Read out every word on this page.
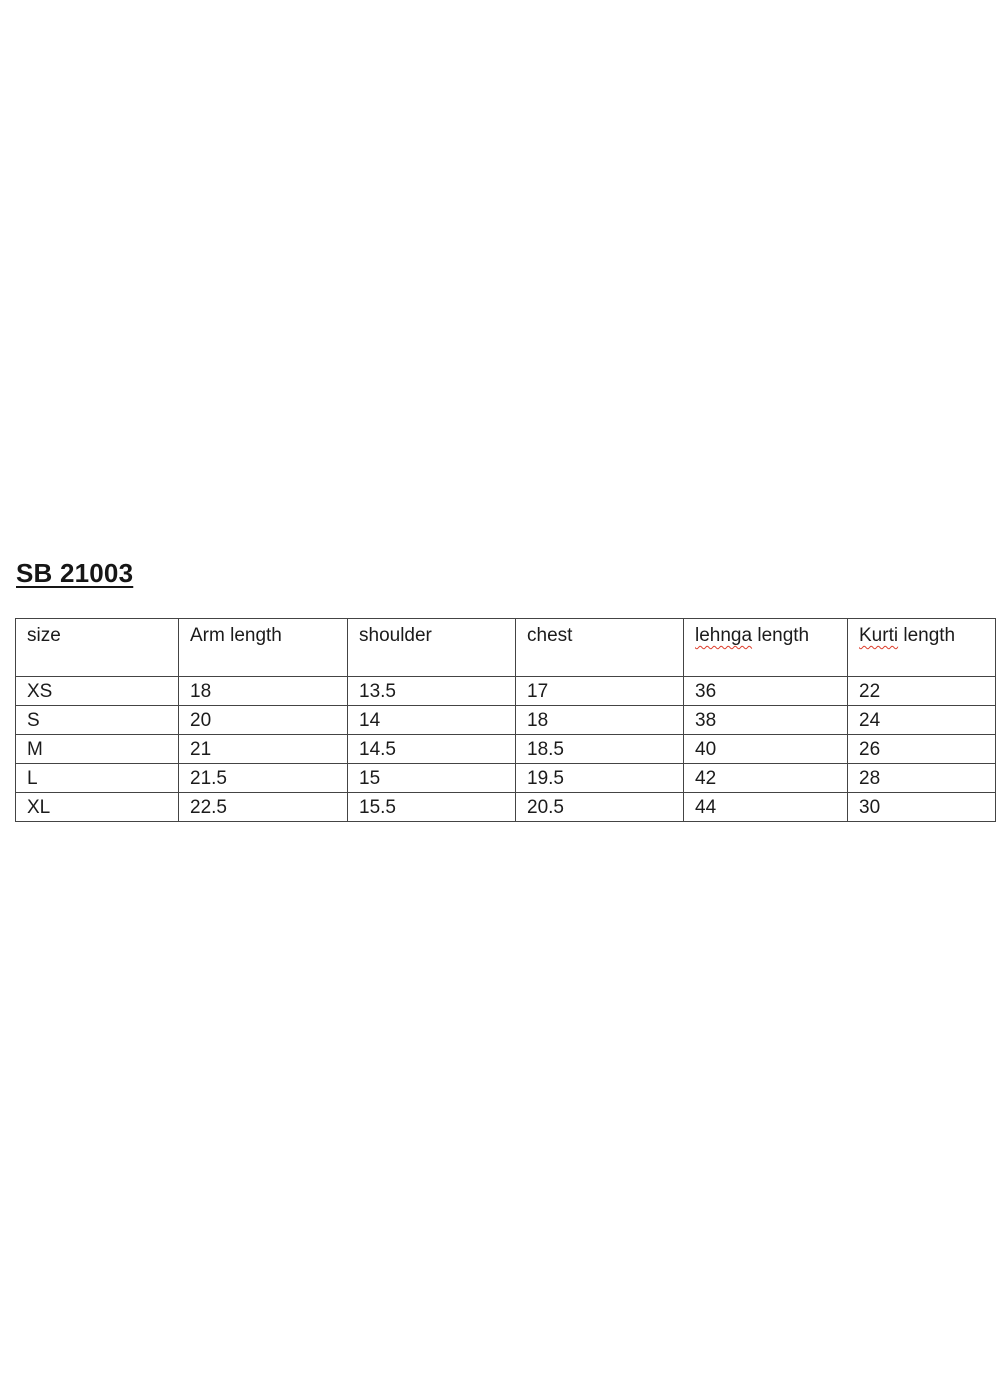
SB 21003
size	Arm length	shoulder	chest	lehnga length	Kurti length
XS	18	13.5	17	36	22
S	20	14	18	38	24
M	21	14.5	18.5	40	26
L	21.5	15	19.5	42	28
XL	22.5	15.5	20.5	44	30
